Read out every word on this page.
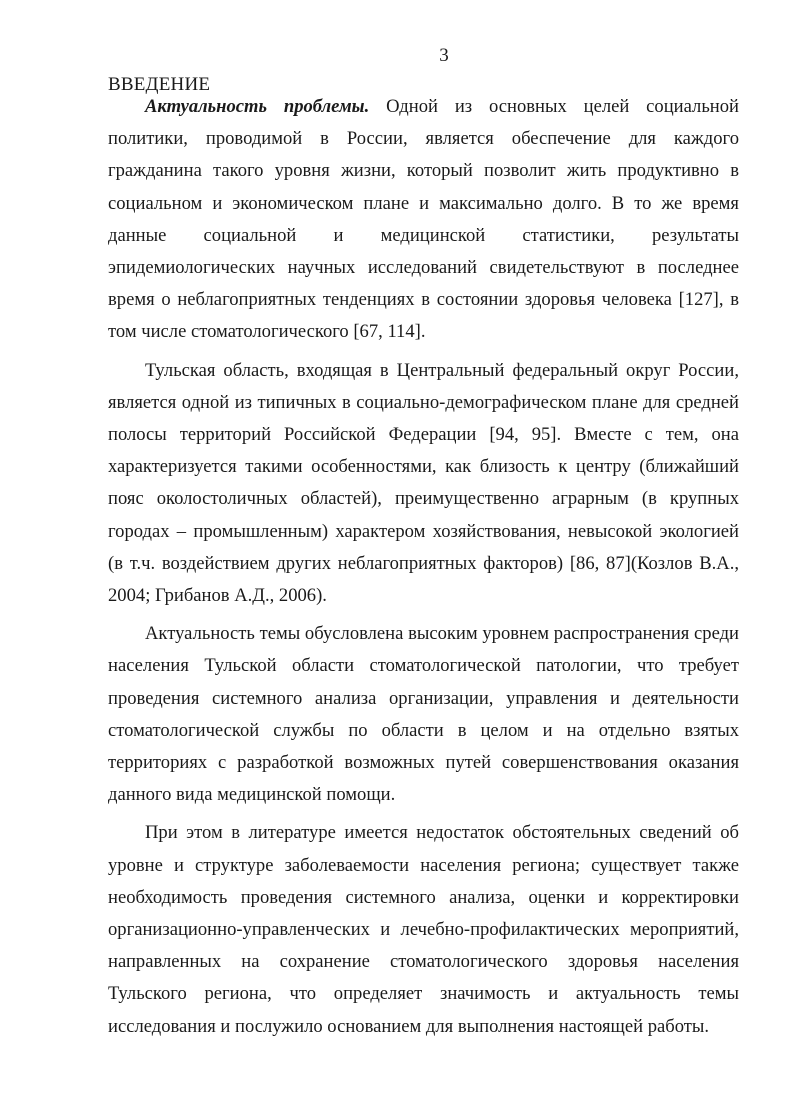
3
ВВЕДЕНИЕ

Актуальность проблемы. Одной из основных целей социальной политики, проводимой в России, является обеспечение для каждого гражданина такого уровня жизни, который позволит жить продуктивно в социальном и экономическом плане и максимально долго. В то же время данные социальной и медицинской статистики, результаты эпидемиологических научных исследований свидетельствуют в последнее время о неблагоприятных тенденциях в состоянии здоровья человека [127], в том числе стоматологического [67, 114].

Тульская область, входящая в Центральный федеральный округ России, является одной из типичных в социально-демографическом плане для средней полосы территорий Российской Федерации [94, 95]. Вместе с тем, она характеризуется такими особенностями, как близость к центру (ближайший пояс околостоличных областей), преимущественно аграрным (в крупных городах – промышленным) характером хозяйствования, невысокой экологией (в т.ч. воздействием других неблагоприятных факторов) [86, 87](Козлов В.А., 2004; Грибанов А.Д., 2006).

Актуальность темы обусловлена высоким уровнем распространения среди населения Тульской области стоматологической патологии, что требует проведения системного анализа организации, управления и деятельности стоматологической службы по области в целом и на отдельно взятых территориях с разработкой возможных путей совершенствования оказания данного вида медицинской помощи.

При этом в литературе имеется недостаток обстоятельных сведений об уровне и структуре заболеваемости населения региона; существует также необходимость проведения системного анализа, оценки и корректировки организационно-управленческих и лечебно-профилактических мероприятий, направленных на сохранение стоматологического здоровья населения Тульского региона, что определяет значимость и актуальность темы исследования и послужило основанием для выполнения настоящей работы.
